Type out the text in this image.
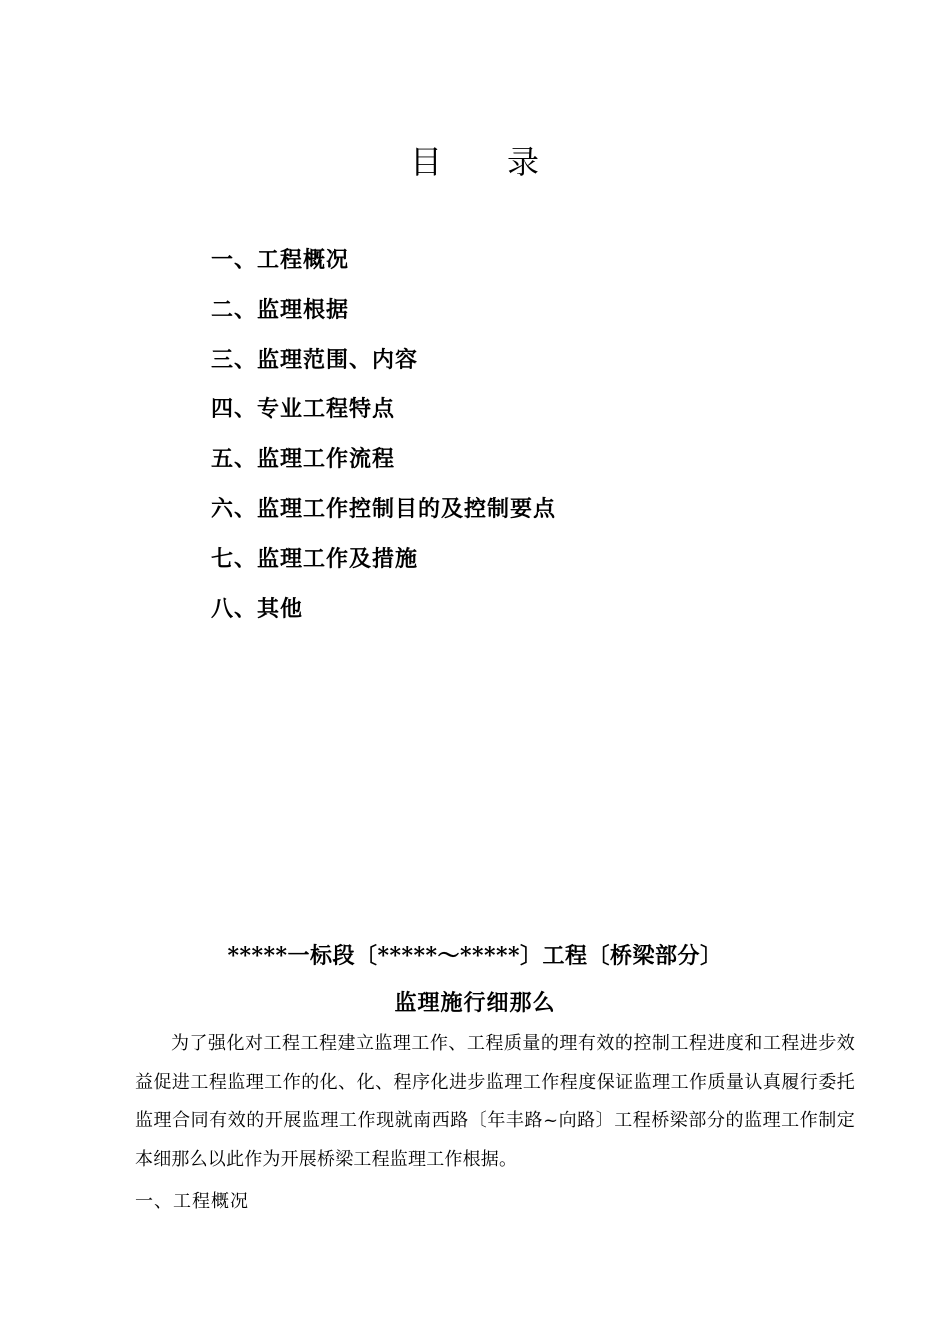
目 录
一、工程概况
二、监理根据
三、监理范围、内容
四、专业工程特点
五、监理工作流程
六、监理工作控制目的及控制要点
七、监理工作及措施
八、其他
*****一标段〔*****～*****〕工程〔桥梁部分〕
监理施行细那么

为了强化对工程工程建立监理工作、工程质量的理有效的控制工程进度和工程进步效益促进工程监理工作的化、化、程序化进步监理工作程度保证监理工作质量认真履行委托监理合同有效的开展监理工作现就南西路〔年丰路~向路〕工程桥梁部分的监理工作制定本细那么以此作为开展桥梁工程监理工作根据。

一、工程概况
